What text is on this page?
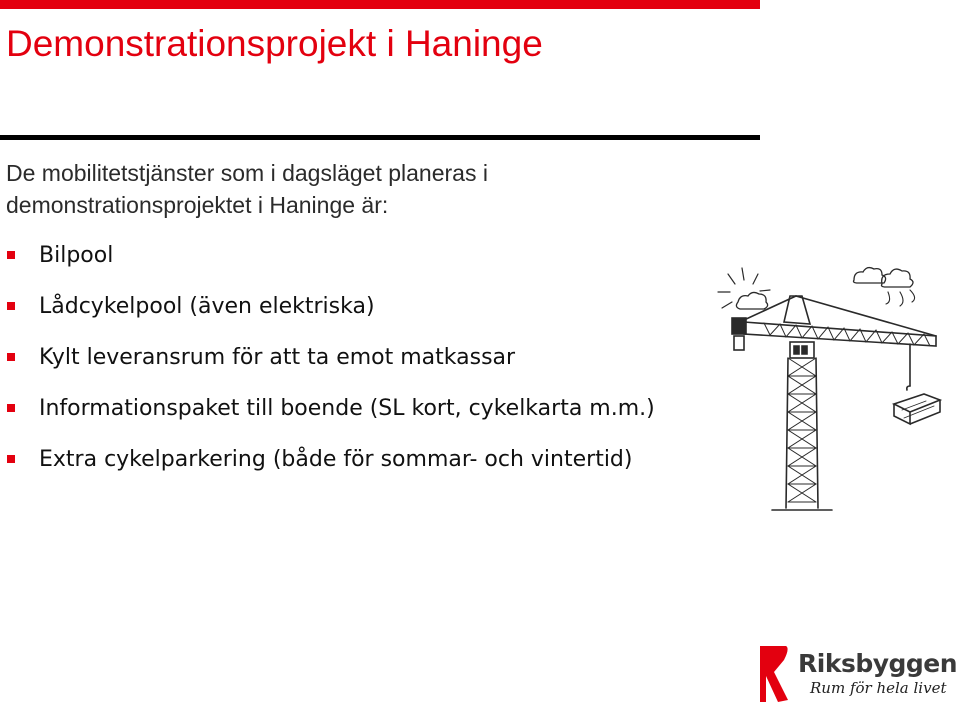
Demonstrationsprojekt i Haninge

De mobilitetstjänster som i dagsläget planeras i demonstrationsprojektet i Haninge är:

Bilpool
Lådcykelpool (även elektriska)
Kylt leveransrum för att ta emot matkassar
Informationspaket till boende (SL kort, cykelkarta m.m.)
Extra cykelparkering (både för sommar- och vintertid)

Riksbyggen

Rum för hela livet
